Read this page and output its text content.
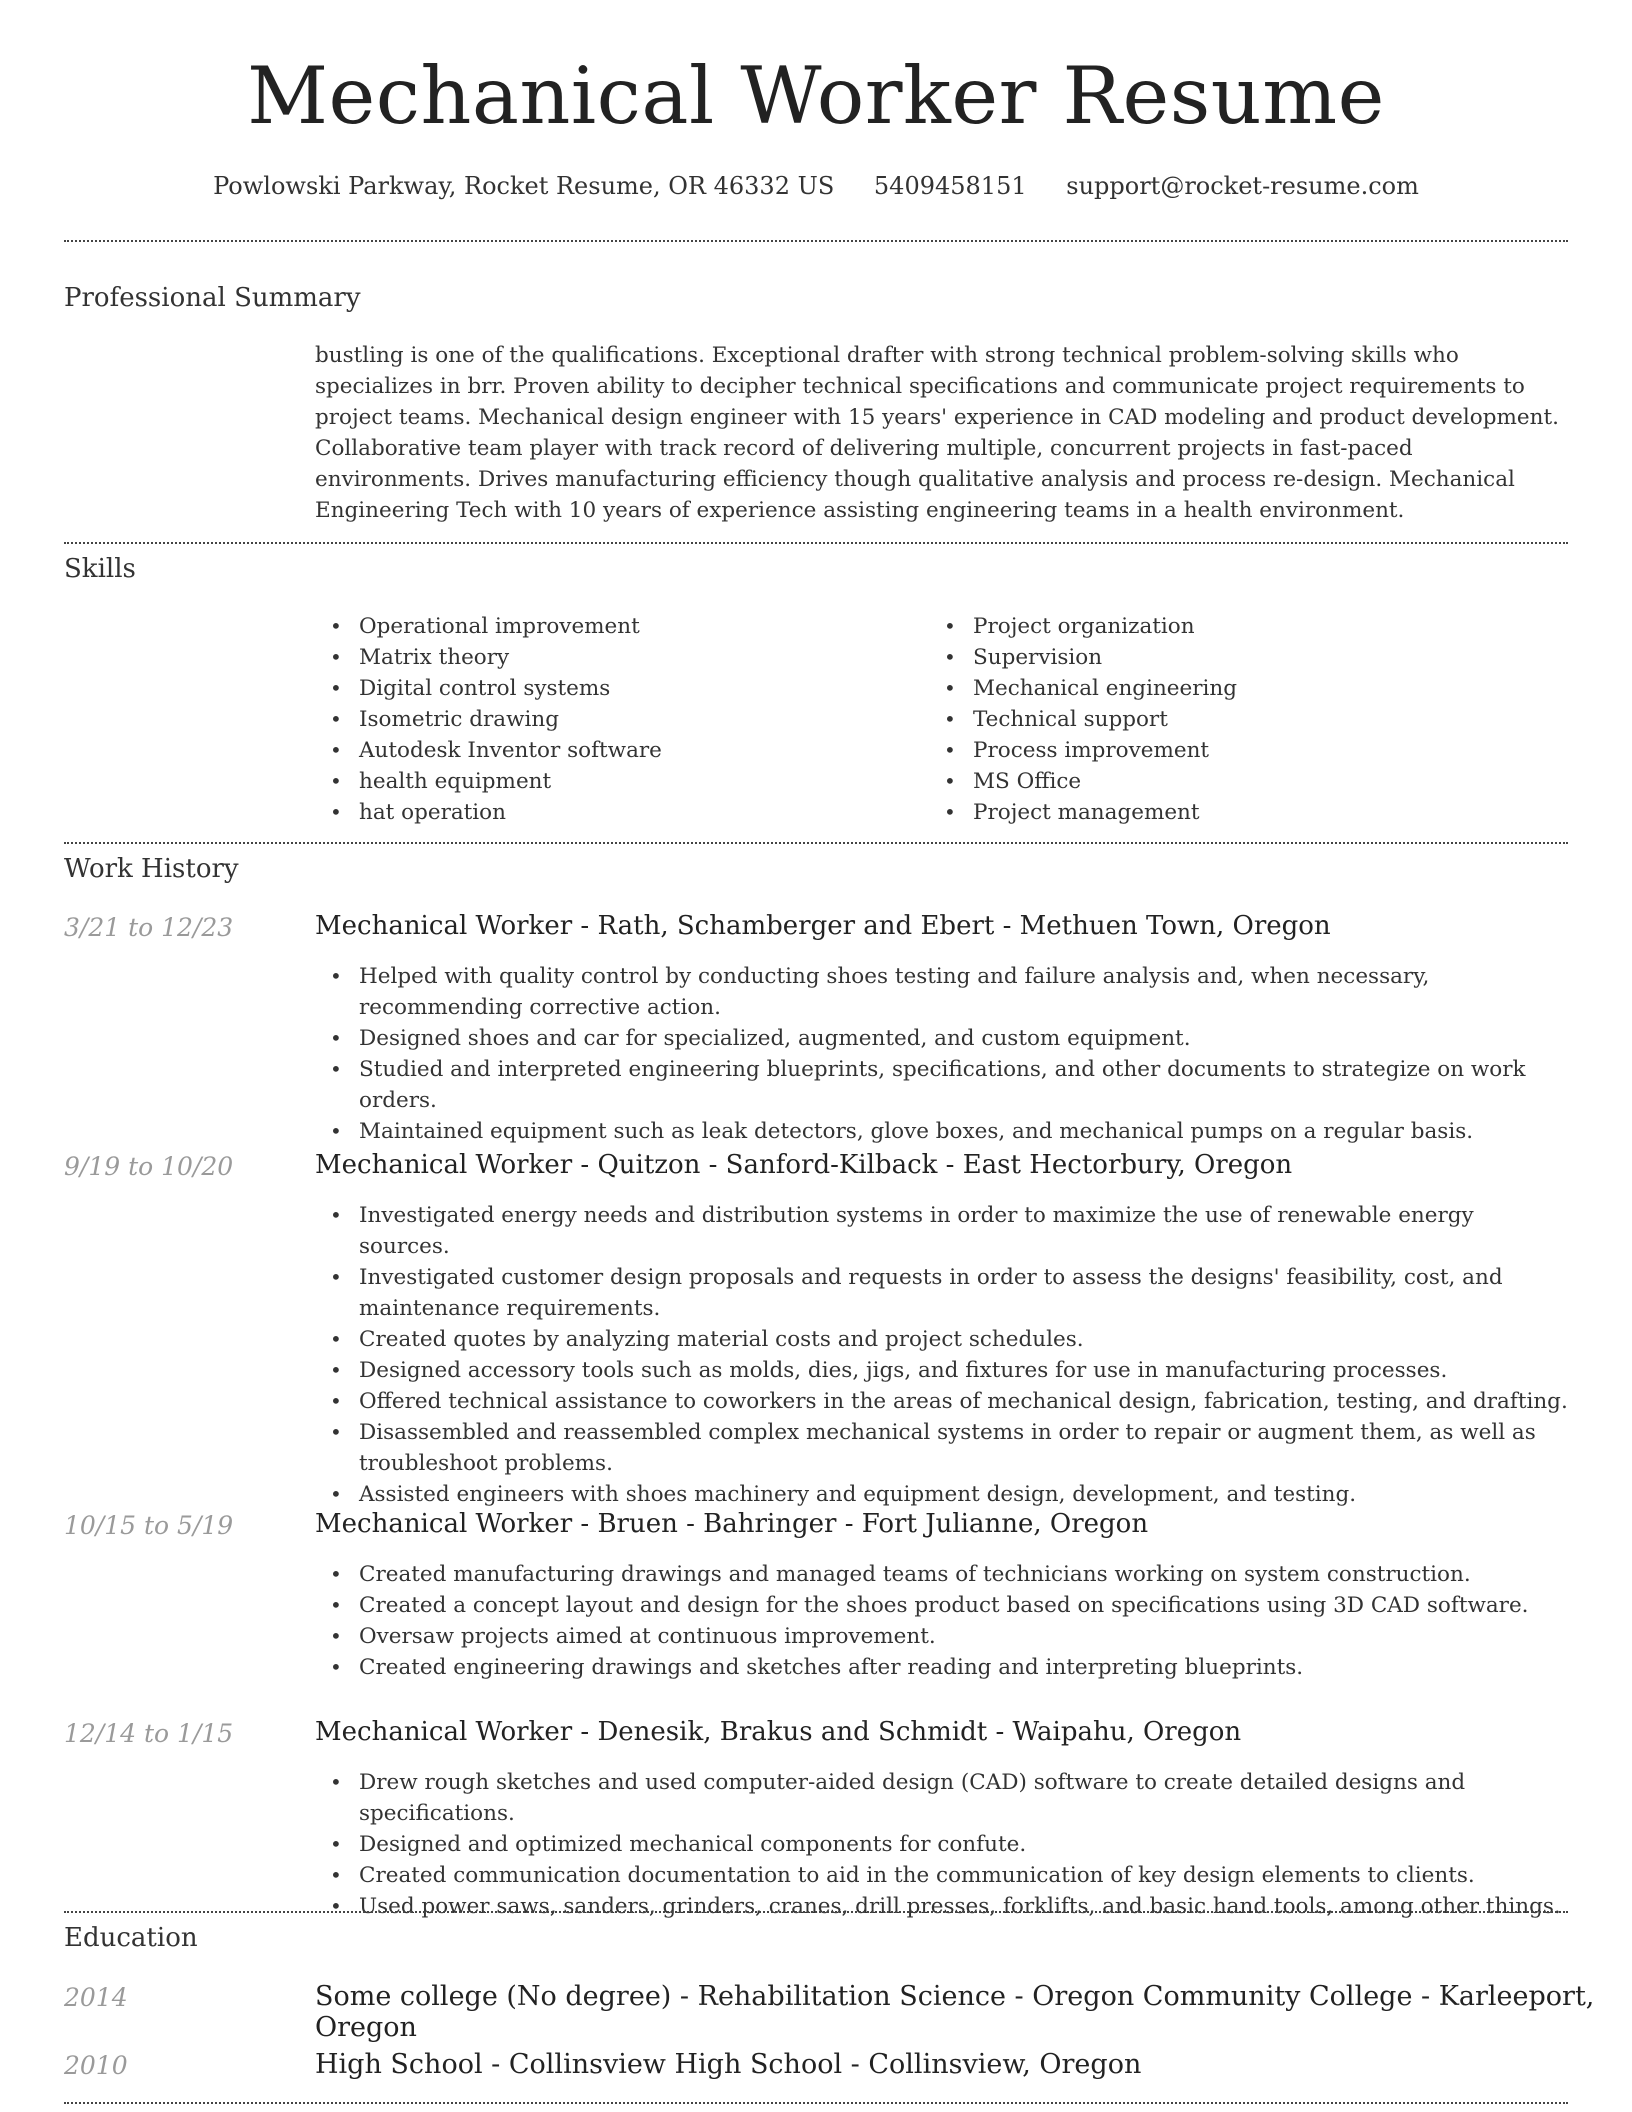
Mechanical Worker Resume
Powlowski Parkway, Rocket Resume, OR 46332 US 5409458151 support@rocket-resume.com
Professional Summary
bustling is one of the qualifications. Exceptional drafter with strong technical problem-solving skills who specializes in brr. Proven ability to decipher technical specifications and communicate project requirements to project teams. Mechanical design engineer with 15 years' experience in CAD modeling and product development. Collaborative team player with track record of delivering multiple, concurrent projects in fast-paced environments. Drives manufacturing efficiency though qualitative analysis and process re-design. Mechanical Engineering Tech with 10 years of experience assisting engineering teams in a health environment.
Skills
• Operational improvement
• Matrix theory
• Digital control systems
• Isometric drawing
• Autodesk Inventor software
• health equipment
• hat operation
• Project organization
• Supervision
• Mechanical engineering
• Technical support
• Process improvement
• MS Office
• Project management
Work History
3/21 to 12/23	Mechanical Worker - Rath, Schamberger and Ebert - Methuen Town, Oregon
• Helped with quality control by conducting shoes testing and failure analysis and, when necessary, recommending corrective action.
• Designed shoes and car for specialized, augmented, and custom equipment.
• Studied and interpreted engineering blueprints, specifications, and other documents to strategize on work orders.
• Maintained equipment such as leak detectors, glove boxes, and mechanical pumps on a regular basis.
9/19 to 10/20	Mechanical Worker - Quitzon - Sanford-Kilback - East Hectorbury, Oregon
• Investigated energy needs and distribution systems in order to maximize the use of renewable energy sources.
• Investigated customer design proposals and requests in order to assess the designs' feasibility, cost, and maintenance requirements.
• Created quotes by analyzing material costs and project schedules.
• Designed accessory tools such as molds, dies, jigs, and fixtures for use in manufacturing processes.
• Offered technical assistance to coworkers in the areas of mechanical design, fabrication, testing, and drafting.
• Disassembled and reassembled complex mechanical systems in order to repair or augment them, as well as troubleshoot problems.
• Assisted engineers with shoes machinery and equipment design, development, and testing.
10/15 to 5/19	Mechanical Worker - Bruen - Bahringer - Fort Julianne, Oregon
• Created manufacturing drawings and managed teams of technicians working on system construction.
• Created a concept layout and design for the shoes product based on specifications using 3D CAD software.
• Oversaw projects aimed at continuous improvement.
• Created engineering drawings and sketches after reading and interpreting blueprints.
12/14 to 1/15	Mechanical Worker - Denesik, Brakus and Schmidt - Waipahu, Oregon
• Drew rough sketches and used computer-aided design (CAD) software to create detailed designs and specifications.
• Designed and optimized mechanical components for confute.
• Created communication documentation to aid in the communication of key design elements to clients.
• Used power saws, sanders, grinders, cranes, drill presses, forklifts, and basic hand tools, among other things.
Education
2014	Some college (No degree) - Rehabilitation Science - Oregon Community College - Karleeport, Oregon
2010	High School - Collinsview High School - Collinsview, Oregon
